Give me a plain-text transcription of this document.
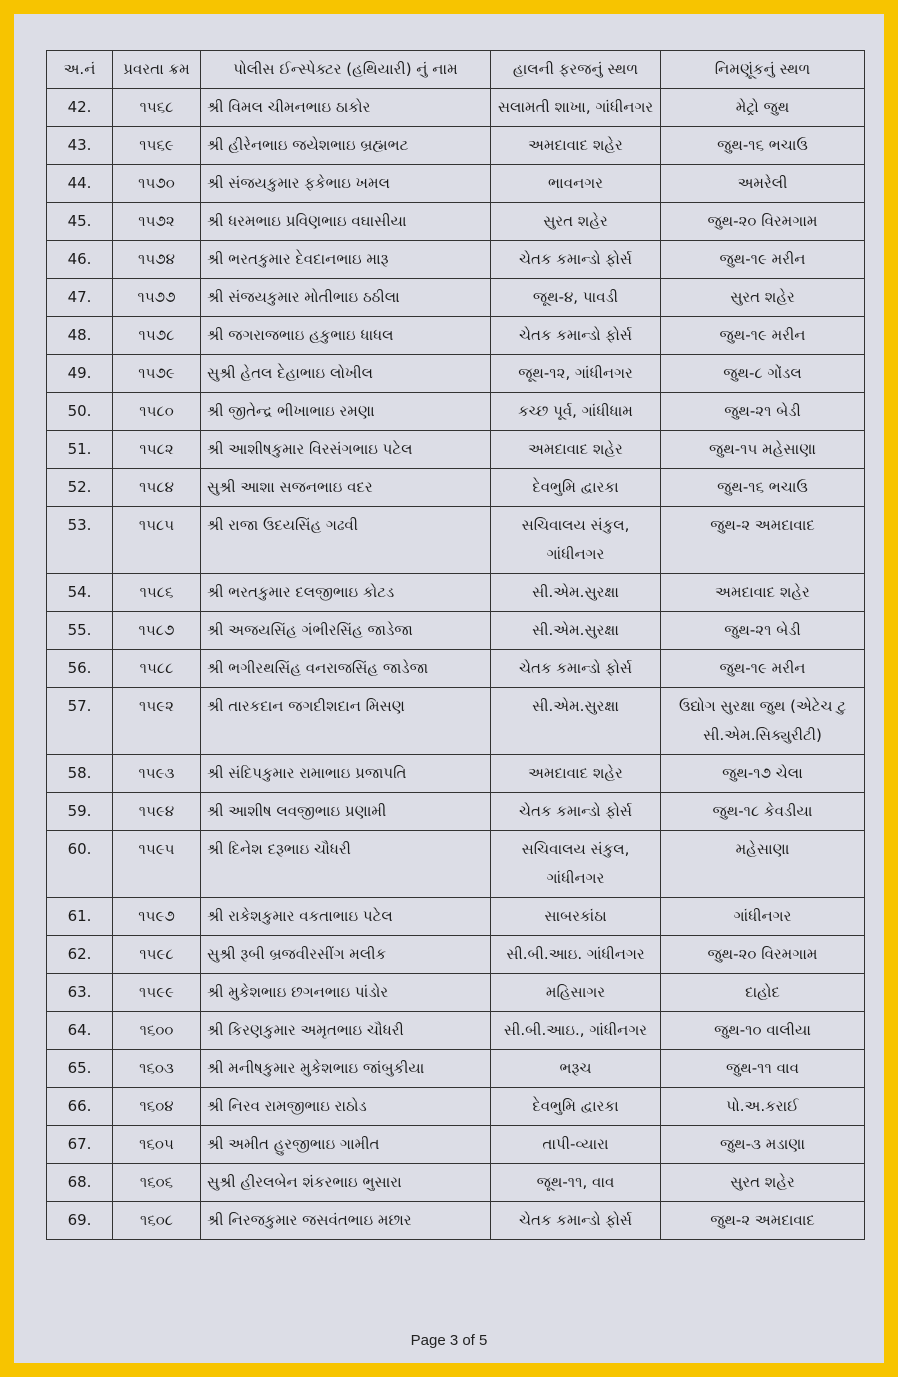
અ.નં	પ્રવરતા ક્રમ	પોલીસ ઈન્સ્પેક્ટર (હથિયારી) નું નામ	હાલની ફરજનું સ્થળ	નિમણૂંકનું સ્થળ
42.	૧૫૬૮	શ્રી વિમલ ચીમનભાઇ ઠાકોર	સલામતી શાખા, ગાંધીનગર	મેટ્રો જુથ
43.	૧૫૬૯	શ્રી હીરેનભાઇ જયેશભાઇ બ્રહ્મભટ	અમદાવાદ શહેર	જુથ-૧૬ ભચાઉ
44.	૧૫૭૦	શ્રી સંજયકુમાર ફકેભાઇ ખમલ	ભાવનગર	અમરેલી
45.	૧૫૭૨	શ્રી ધરમભાઇ પ્રવિણભાઇ વઘાસીયા	સુરત શહેર	જુથ-૨૦ વિરમગામ
46.	૧૫૭૪	શ્રી ભરતકુમાર દેવદાનભાઇ મારૂ	ચેતક કમાન્ડો ફોર્સ	જુથ-૧૯ મરીન
47.	૧૫૭૭	શ્રી સંજયકુમાર મોતીભાઇ ઠઠીલા	જૂથ-૪, પાવડી	સુરત શહેર
48.	૧૫૭૮	શ્રી જગરાજભાઇ હકુભાઇ ધાધલ	ચેતક કમાન્ડો ફોર્સ	જુથ-૧૯ મરીન
49.	૧૫૭૯	સુશ્રી હેતલ દેહાભાઇ લોખીલ	જૂથ-૧૨, ગાંધીનગર	જુથ-૮ ગોંડલ
50.	૧૫૮૦	શ્રી જીતેન્દ્ર ભીખાભાઇ રમણા	કચ્છ પૂર્વ, ગાંધીધામ	જુથ-૨૧ બેડી
51.	૧૫૮૨	શ્રી આશીષકુમાર વિરસંગભાઇ પટેલ	અમદાવાદ શહેર	જુથ-૧૫ મહેસાણા
52.	૧૫૮૪	સુશ્રી આશા સજનભાઇ વદર	દેવભુમિ દ્વારકા	જુથ-૧૬ ભચાઉ
53.	૧૫૮૫	શ્રી રાજા ઉદયસિંહ ગઢવી	સચિવાલય સંકુલ, ગાંધીનગર	જુથ-૨ અમદાવાદ
54.	૧૫૮૬	શ્રી ભરતકુમાર દલજીભાઇ કોટડ	સી.એમ.સુરક્ષા	અમદાવાદ શહેર
55.	૧૫૮૭	શ્રી અજયસિંહ ગંભીરસિંહ જાડેજા	સી.એમ.સુરક્ષા	જુથ-૨૧ બેડી
56.	૧૫૮૮	શ્રી ભગીરથસિંહ વનરાજસિંહ જાડેજા	ચેતક કમાન્ડો ફોર્સ	જુથ-૧૯ મરીન
57.	૧૫૯૨	શ્રી તારકદાન જગદીશદાન મિસણ	સી.એમ.સુરક્ષા	ઉદ્યોગ સુરક્ષા જુથ (એટેચ ટુ સી.એમ.સિક્યુરીટી)
58.	૧૫૯૩	શ્રી સંદિપકુમાર રામાભાઇ પ્રજાપતિ	અમદાવાદ શહેર	જુથ-૧૭ ચેલા
59.	૧૫૯૪	શ્રી આશીષ લવજીભાઇ પ્રણામી	ચેતક કમાન્ડો ફોર્સ	જુથ-૧૮ કેવડીયા
60.	૧૫૯૫	શ્રી દિનેશ દરૂભાઇ ચૌધરી	સચિવાલય સંકુલ, ગાંધીનગર	મહેસાણા
61.	૧૫૯૭	શ્રી રાકેશકુમાર વકતાભાઇ પટેલ	સાબરકાંઠા	ગાંધીનગર
62.	૧૫૯૮	સુશ્રી રૂબી બ્રજવીરસીંગ મલીક	સી.બી.આઇ. ગાંધીનગર	જુથ-૨૦ વિરમગામ
63.	૧૫૯૯	શ્રી મુકેશભાઇ છગનભાઇ પાંડોર	મહિસાગર	દાહોદ
64.	૧૬૦૦	શ્રી કિરણકુમાર અમૃતભાઇ ચૌધરી	સી.બી.આઇ., ગાંધીનગર	જુથ-૧૦ વાલીયા
65.	૧૬૦૩	શ્રી મનીષકુમાર મુકેશભાઇ જાંબુકીયા	ભરૂચ	જુથ-૧૧ વાવ
66.	૧૬૦૪	શ્રી નિરવ રામજીભાઇ રાઠોડ	દેવભુમિ દ્વારકા	પો.અ.કરાઈ
67.	૧૬૦૫	શ્રી અમીત હુરજીભાઇ ગામીત	તાપી-વ્યારા	જુથ-૩ મડાણા
68.	૧૬૦૬	સુશ્રી હીરલબેન શંકરભાઇ ભુસારા	જૂથ-૧૧, વાવ	સુરત શહેર
69.	૧૬૦૮	શ્રી નિરજકુમાર જસવંતભાઇ મછાર	ચેતક કમાન્ડો ફોર્સ	જુથ-૨ અમદાવાદ
Page 3 of 5
